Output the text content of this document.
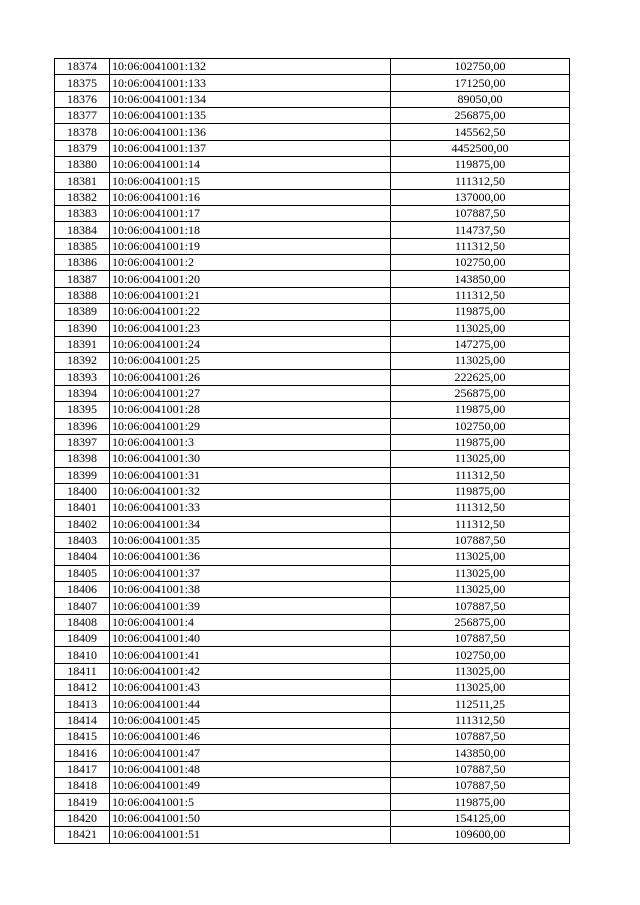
18374	10:06:0041001:132	102750,00
18375	10:06:0041001:133	171250,00
18376	10:06:0041001:134	89050,00
18377	10:06:0041001:135	256875,00
18378	10:06:0041001:136	145562,50
18379	10:06:0041001:137	4452500,00
18380	10:06:0041001:14	119875,00
18381	10:06:0041001:15	111312,50
18382	10:06:0041001:16	137000,00
18383	10:06:0041001:17	107887,50
18384	10:06:0041001:18	114737,50
18385	10:06:0041001:19	111312,50
18386	10:06:0041001:2	102750,00
18387	10:06:0041001:20	143850,00
18388	10:06:0041001:21	111312,50
18389	10:06:0041001:22	119875,00
18390	10:06:0041001:23	113025,00
18391	10:06:0041001:24	147275,00
18392	10:06:0041001:25	113025,00
18393	10:06:0041001:26	222625,00
18394	10:06:0041001:27	256875,00
18395	10:06:0041001:28	119875,00
18396	10:06:0041001:29	102750,00
18397	10:06:0041001:3	119875,00
18398	10:06:0041001:30	113025,00
18399	10:06:0041001:31	111312,50
18400	10:06:0041001:32	119875,00
18401	10:06:0041001:33	111312,50
18402	10:06:0041001:34	111312,50
18403	10:06:0041001:35	107887,50
18404	10:06:0041001:36	113025,00
18405	10:06:0041001:37	113025,00
18406	10:06:0041001:38	113025,00
18407	10:06:0041001:39	107887,50
18408	10:06:0041001:4	256875,00
18409	10:06:0041001:40	107887,50
18410	10:06:0041001:41	102750,00
18411	10:06:0041001:42	113025,00
18412	10:06:0041001:43	113025,00
18413	10:06:0041001:44	112511,25
18414	10:06:0041001:45	111312,50
18415	10:06:0041001:46	107887,50
18416	10:06:0041001:47	143850,00
18417	10:06:0041001:48	107887,50
18418	10:06:0041001:49	107887,50
18419	10:06:0041001:5	119875,00
18420	10:06:0041001:50	154125,00
18421	10:06:0041001:51	109600,00
